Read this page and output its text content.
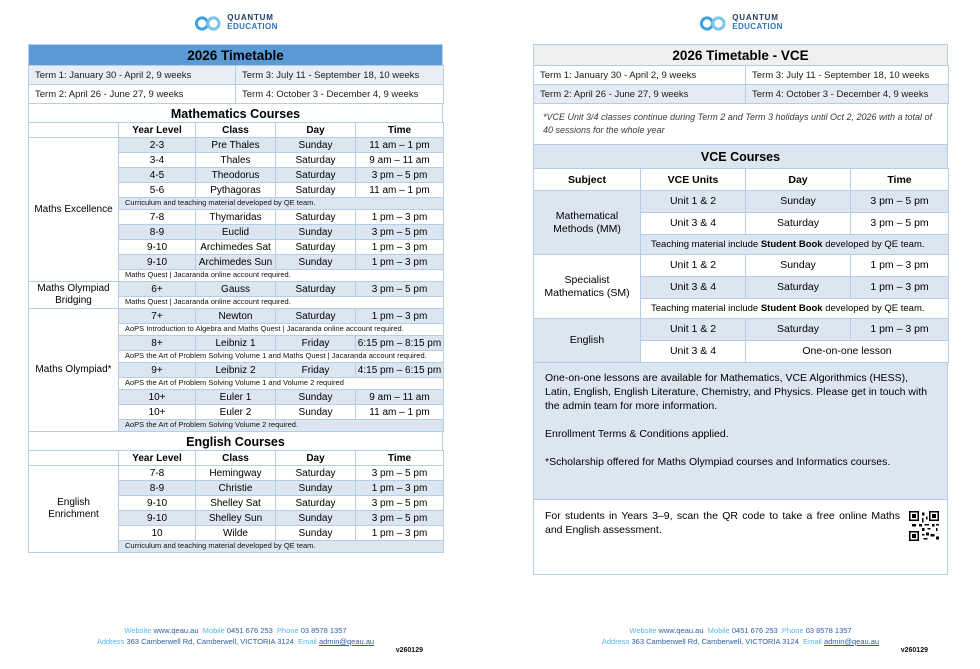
QUANTUM
EDUCATION
2026 Timetable
Term 1: January 30 - April 2, 9 weeks	Term 3: July 11 - September 18, 10 weeks
Term 2: April 26 - June 27, 9 weeks	Term 4: October 3 - December 4, 9 weeks
Mathematics Courses
	Year Level	Class	Day	Time
Maths Excellence	2-3	Pre Thales	Sunday	11 am – 1 pm
	3-4	Thales	Saturday	9 am – 11 am
	4-5	Theodorus	Saturday	3 pm – 5 pm
	5-6	Pythagoras	Saturday	11 am – 1 pm
	Curriculum and teaching material developed by QE team.			
	7-8	Thymaridas	Saturday	1 pm – 3 pm
	8-9	Euclid	Sunday	3 pm – 5 pm
	9-10	Archimedes Sat	Saturday	1 pm – 3 pm
	9-10	Archimedes Sun	Sunday	1 pm – 3 pm
	Maths Quest | Jacaranda online account required.			
Maths Olympiad Bridging	6+	Gauss	Saturday	3 pm – 5 pm
	Maths Quest | Jacaranda online account required.			
Maths Olympiad*	7+	Newton	Saturday	1 pm – 3 pm
	AoPS Introduction to Algebra and Maths Quest | Jacaranda online account required.			
	8+	Leibniz 1	Friday	6:15 pm – 8:15 pm
	AoPS the Art of Problem Solving Volume 1 and Maths Quest | Jacaranda account required.			
	9+	Leibniz 2	Friday	4:15 pm – 6:15 pm
	AoPS the Art of Problem Solving Volume 1 and Volume 2 required			
	10+	Euler 1	Sunday	9 am – 11 am
	10+	Euler 2	Sunday	11 am – 1 pm
	AoPS the Art of Problem Solving Volume 2 required.			
English Courses
	Year Level	Class	Day	Time
English Enrichment	7-8	Hemingway	Saturday	3 pm – 5 pm
	8-9	Christie	Sunday	1 pm – 3 pm
	9-10	Shelley Sat	Saturday	3 pm – 5 pm
	9-10	Shelley Sun	Sunday	3 pm – 5 pm
	10	Wilde	Sunday	1 pm – 3 pm
	Curriculum and teaching material developed by QE team.			
Website www.qeau.au Mobile 0451 676 253 Phone 03 8578 1357
Address 363 Camberwell Rd, Camberwell, VICTORIA 3124 Email admin@qeau.au
v260129
QUANTUM
EDUCATION
2026 Timetable - VCE
Term 1: January 30 - April 2, 9 weeks	Term 3: July 11 - September 18, 10 weeks
Term 2: April 26 - June 27, 9 weeks	Term 4: October 3 - December 4, 9 weeks
*VCE Unit 3/4 classes continue during Term 2 and Term 3 holidays until Oct 2, 2026 with a total of 40 sessions for the whole year
VCE Courses
Subject	VCE Units	Day	Time
Mathematical Methods (MM)	Unit 1 & 2	Sunday	3 pm – 5 pm
	Unit 3 & 4	Saturday	3 pm – 5 pm
	Teaching material include Student Book developed by QE team.		
Specialist Mathematics (SM)	Unit 1 & 2	Sunday	1 pm – 3 pm
	Unit 3 & 4	Saturday	1 pm – 3 pm
	Teaching material include Student Book developed by QE team.		
English	Unit 1 & 2	Saturday	1 pm – 3 pm
	Unit 3 & 4	One-on-one lesson	

One-on-one lessons are available for Mathematics, VCE Algorithmics (HESS), Latin, English, English Literature, Chemistry, and Physics. Please get in touch with the admin team for more information.

Enrollment Terms & Conditions applied.

*Scholarship offered for Maths Olympiad courses and Informatics courses.

For students in Years 3–9, scan the QR code to take a free online Maths and English assessment.
Website www.qeau.au Mobile 0451 676 253 Phone 03 8578 1357
Address 363 Camberwell Rd, Camberwell, VICTORIA 3124 Email admin@qeau.au
v260129
